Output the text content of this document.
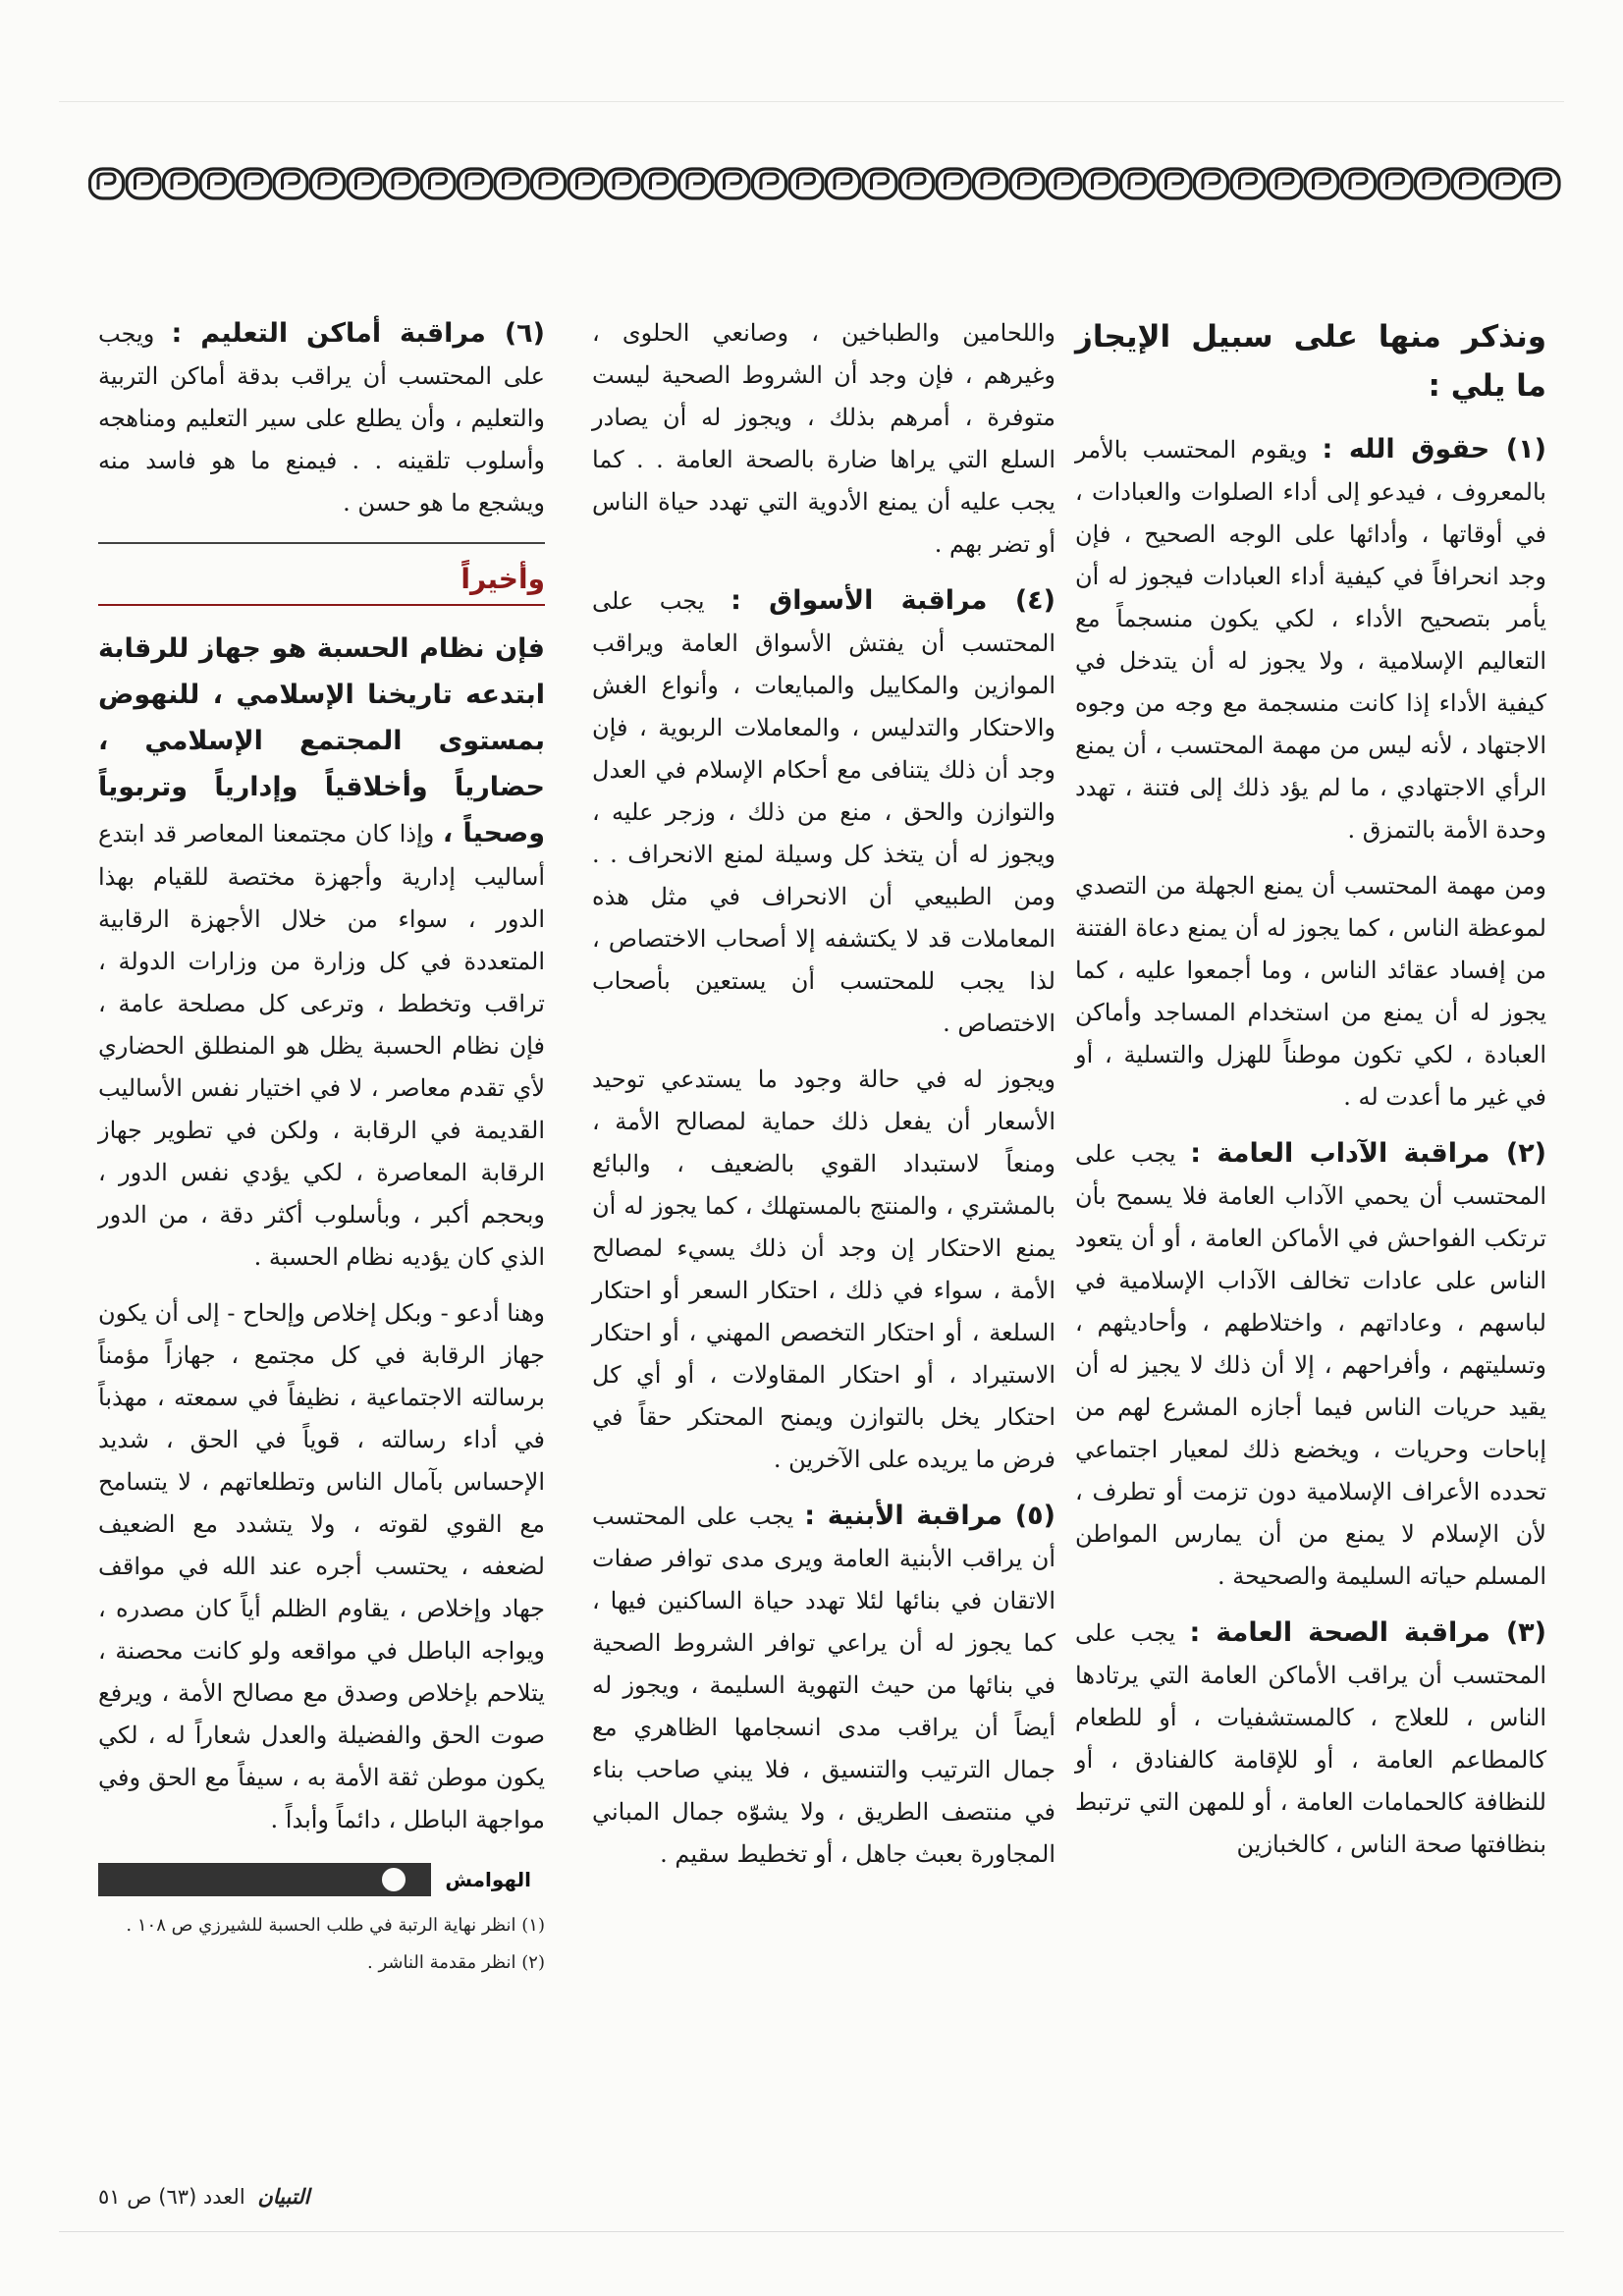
ونذكر منها على سبيل الإيجاز ما يلي :

(١) حقوق الله : ويقوم المحتسب بالأمر بالمعروف ، فيدعو إلى أداء الصلوات والعبادات ، في أوقاتها ، وأدائها على الوجه الصحيح ، فإن وجد انحرافاً في كيفية أداء العبادات فيجوز له أن يأمر بتصحيح الأداء ، لكي يكون منسجماً مع التعاليم الإسلامية ، ولا يجوز له أن يتدخل في كيفية الأداء إذا كانت منسجمة مع وجه من وجوه الاجتهاد ، لأنه ليس من مهمة المحتسب ، أن يمنع الرأي الاجتهادي ، ما لم يؤد ذلك إلى فتنة ، تهدد وحدة الأمة بالتمزق .

ومن مهمة المحتسب أن يمنع الجهلة من التصدي لموعظة الناس ، كما يجوز له أن يمنع دعاة الفتنة من إفساد عقائد الناس ، وما أجمعوا عليه ، كما يجوز له أن يمنع من استخدام المساجد وأماكن العبادة ، لكي تكون موطناً للهزل والتسلية ، أو في غير ما أعدت له .

(٢) مراقبة الآداب العامة : يجب على المحتسب أن يحمي الآداب العامة فلا يسمح بأن ترتكب الفواحش في الأماكن العامة ، أو أن يتعود الناس على عادات تخالف الآداب الإسلامية في لباسهم ، وعاداتهم ، واختلاطهم ، وأحاديثهم ، وتسليتهم ، وأفراحهم ، إلا أن ذلك لا يجيز له أن يقيد حريات الناس فيما أجازه المشرع لهم من إباحات وحريات ، ويخضع ذلك لمعيار اجتماعي تحدده الأعراف الإسلامية دون تزمت أو تطرف ، لأن الإسلام لا يمنع من أن يمارس المواطن المسلم حياته السليمة والصحيحة .

(٣) مراقبة الصحة العامة : يجب على المحتسب أن يراقب الأماكن العامة التي يرتادها الناس ، للعلاج ، كالمستشفيات ، أو للطعام كالمطاعم العامة ، أو للإقامة كالفنادق ، أو للنظافة كالحمامات العامة ، أو للمهن التي ترتبط بنظافتها صحة الناس ، كالخبازين

واللحامين والطباخين ، وصانعي الحلوى ، وغيرهم ، فإن وجد أن الشروط الصحية ليست متوفرة ، أمرهم بذلك ، ويجوز له أن يصادر السلع التي يراها ضارة بالصحة العامة . . كما يجب عليه أن يمنع الأدوية التي تهدد حياة الناس أو تضر بهم .

(٤) مراقبة الأسواق : يجب على المحتسب أن يفتش الأسواق العامة ويراقب الموازين والمكاييل والمبايعات ، وأنواع الغش والاحتكار والتدليس ، والمعاملات الربوية ، فإن وجد أن ذلك يتنافى مع أحكام الإسلام في العدل والتوازن والحق ، منع من ذلك ، وزجر عليه ، ويجوز له أن يتخذ كل وسيلة لمنع الانحراف . . ومن الطبيعي أن الانحراف في مثل هذه المعاملات قد لا يكتشفه إلا أصحاب الاختصاص ، لذا يجب للمحتسب أن يستعين بأصحاب الاختصاص .

ويجوز له في حالة وجود ما يستدعي توحيد الأسعار أن يفعل ذلك حماية لمصالح الأمة ، ومنعاً لاستبداد القوي بالضعيف ، والبائع بالمشتري ، والمنتج بالمستهلك ، كما يجوز له أن يمنع الاحتكار إن وجد أن ذلك يسيء لمصالح الأمة ، سواء في ذلك ، احتكار السعر أو احتكار السلعة ، أو احتكار التخصص المهني ، أو احتكار الاستيراد ، أو احتكار المقاولات ، أو أي كل احتكار يخل بالتوازن ويمنح المحتكر حقاً في فرض ما يريده على الآخرين .

(٥) مراقبة الأبنية : يجب على المحتسب أن يراقب الأبنية العامة ويرى مدى توافر صفات الاتقان في بنائها لئلا تهدد حياة الساكنين فيها ، كما يجوز له أن يراعي توافر الشروط الصحية في بنائها من حيث التهوية السليمة ، ويجوز له أيضاً أن يراقب مدى انسجامها الظاهري مع جمال الترتيب والتنسيق ، فلا يبني صاحب بناء في منتصف الطريق ، ولا يشوّه جمال المباني المجاورة بعبث جاهل ، أو تخطيط سقيم .

(٦) مراقبة أماكن التعليم : ويجب على المحتسب أن يراقب بدقة أماكن التربية والتعليم ، وأن يطلع على سير التعليم ومناهجه وأسلوب تلقينه . . فيمنع ما هو فاسد منه ويشجع ما هو حسن .

وأخيراً

فإن نظام الحسبة هو جهاز للرقابة ابتدعه تاريخنا الإسلامي ، للنهوض بمستوى المجتمع الإسلامي ، حضارياً وأخلاقياً وإدارياً وتربوياً وصحياً ، وإذا كان مجتمعنا المعاصر قد ابتدع أساليب إدارية وأجهزة مختصة للقيام بهذا الدور ، سواء من خلال الأجهزة الرقابية المتعددة في كل وزارة من وزارات الدولة ، تراقب وتخطط ، وترعى كل مصلحة عامة ، فإن نظام الحسبة يظل هو المنطلق الحضاري لأي تقدم معاصر ، لا في اختيار نفس الأساليب القديمة في الرقابة ، ولكن في تطوير جهاز الرقابة المعاصرة ، لكي يؤدي نفس الدور ، وبحجم أكبر ، وبأسلوب أكثر دقة ، من الدور الذي كان يؤديه نظام الحسبة .

وهنا أدعو - وبكل إخلاص وإلحاح - إلى أن يكون جهاز الرقابة في كل مجتمع ، جهازاً مؤمناً برسالته الاجتماعية ، نظيفاً في سمعته ، مهذباً في أداء رسالته ، قوياً في الحق ، شديد الإحساس بآمال الناس وتطلعاتهم ، لا يتسامح مع القوي لقوته ، ولا يتشدد مع الضعيف لضعفه ، يحتسب أجره عند الله في مواقف جهاد وإخلاص ، يقاوم الظلم أياً كان مصدره ، ويواجه الباطل في مواقعه ولو كانت محصنة ، يتلاحم بإخلاص وصدق مع مصالح الأمة ، ويرفع صوت الحق والفضيلة والعدل شعاراً له ، لكي يكون موطن ثقة الأمة به ، سيفاً مع الحق وفي مواجهة الباطل ، دائماً وأبداً .

الهوامش

(١) انظر نهاية الرتبة في طلب الحسبة للشيرزي ص ١٠٨ .

(٢) انظر مقدمة الناشر .

التبيان العدد (٦٣) ص ٥١
